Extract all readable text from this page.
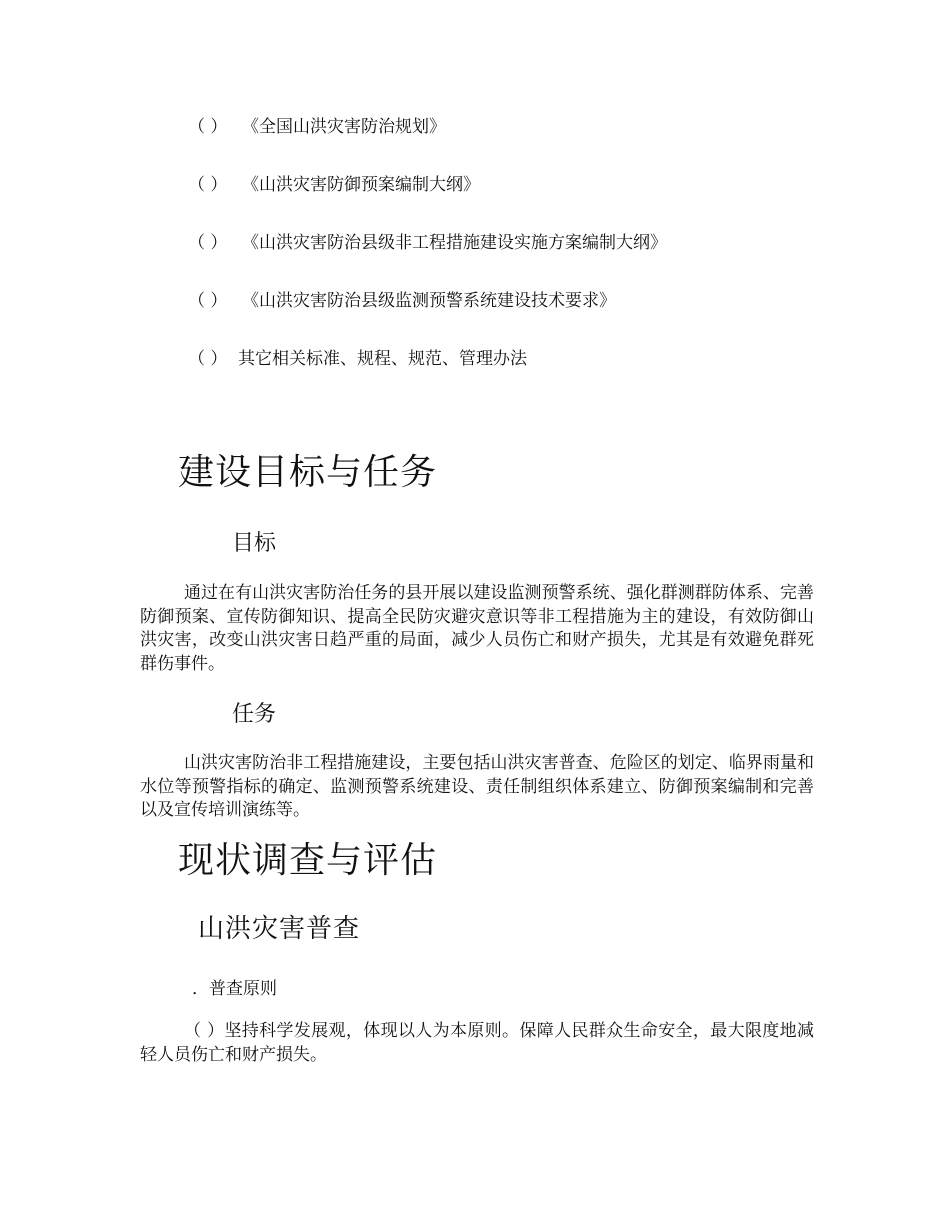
（ ） 《全国山洪灾害防治规划》
（ ） 《山洪灾害防御预案编制大纲》
（ ） 《山洪灾害防治县级非工程措施建设实施方案编制大纲》
（ ） 《山洪灾害防治县级监测预警系统建设技术要求》
（ ） 其它相关标准、规程、规范、管理办法
建设目标与任务
目标

通过在有山洪灾害防治任务的县开展以建设监测预警系统、强化群测群防体系、完善防御预案、宣传防御知识、提高全民防灾避灾意识等非工程措施为主的建设，有效防御山洪灾害，改变山洪灾害日趋严重的局面，减少人员伤亡和财产损失，尤其是有效避免群死群伤事件。

任务

山洪灾害防治非工程措施建设，主要包括山洪灾害普查、危险区的划定、临界雨量和水位等预警指标的确定、监测预警系统建设、责任制组织体系建立、防御预案编制和完善以及宣传培训演练等。

现状调查与评估
山洪灾害普查
．普查原则

（ ）坚持科学发展观，体现以人为本原则。保障人民群众生命安全，最大限度地减轻人员伤亡和财产损失。
